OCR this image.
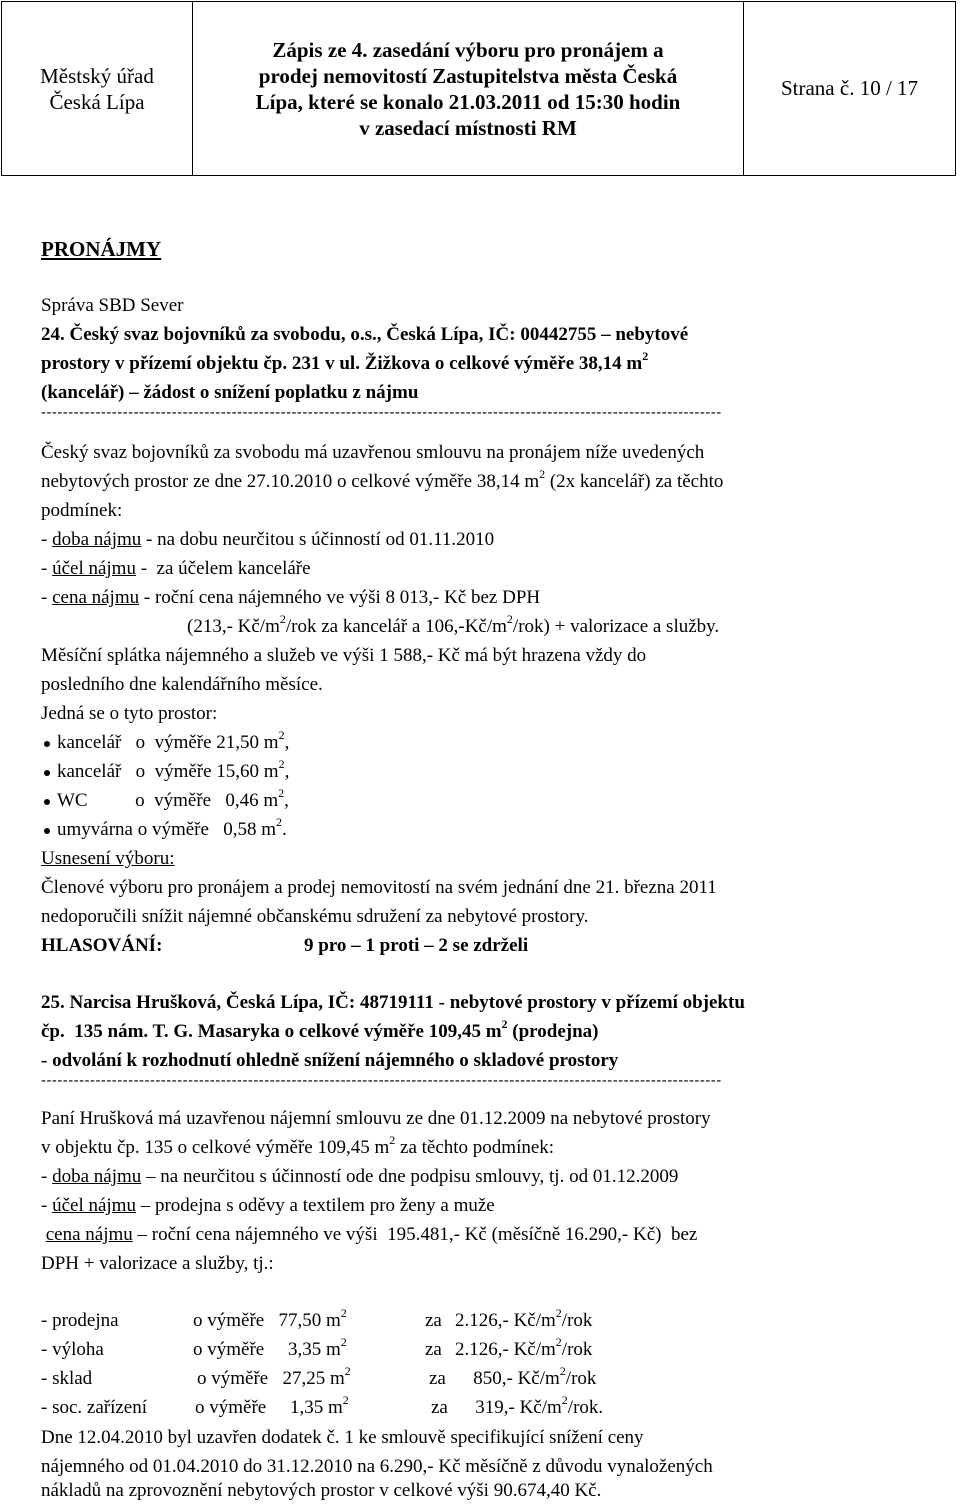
Městský úřad
Česká Lípa
Zápis ze 4. zasedání výboru pro pronájem a
prodej nemovitostí Zastupitelstva města Česká
Lípa, které se konalo 21.03.2011 od 15:30 hodin
v zasedací místnosti RM
Strana č. 10 / 17
PRONÁJMY
Správa SBD Sever
24. Český svaz bojovníků za svobodu, o.s., Česká Lípa, IČ: 00442755 – nebytové
prostory v přízemí objektu čp. 231 v ul. Žižkova o celkové výměře 38,14 $m^2$
(kancelář) – žádost o snížení poplatku z nájmu
-----------------------------------------------------------------------------------------------------------------------------
Český svaz bojovníků za svobodu má uzavřenou smlouvu na pronájem níže uvedených
nebytových prostor ze dne 27.10.2010 o celkové výměře 38,14 $m^2$ (2x kancelář) za těchto
podmínek:
- doba nájmu - na dobu neurčitou s účinností od 01.11.2010
- účel nájmu -  za účelem kanceláře
- cena nájmu - roční cena nájemného ve výši 8 013,- Kč bez DPH
(213,- $Kč/m^2$/rok za kancelář a $106,-Kč/m^2/rok$) + valorizace a služby.
Měsíční splátka nájemného a služeb ve výši 1 588,- Kč má být hrazena vždy do
posledního dne kalendářního měsíce.
Jedná se o tyto prostor:
kancelář   o  výměře 21,50 $m^2$,
kancelář   o  výměře 15,60 $m^2$,
WC          o  výměře   0,46 $m^2$,
umyvárna o výměře   0,58 $m^2$.
Usnesení výboru:
Členové výboru pro pronájem a prodej nemovitostí na svém jednání dne 21. března 2011
nedoporučili snížit nájemné občanskému sdružení za nebytové prostory.
HLASOVÁNÍ:	9 pro – 1 proti – 2 se zdrželi
25. Narcisa Hrušková, Česká Lípa, IČ: 48719111 - nebytové prostory v přízemí objektu
čp.  135 nám. T. G. Masaryka o celkové výměře 109,45 $m^2$ (prodejna)
- odvolání k rozhodnutí ohledně snížení nájemného o skladové prostory
-----------------------------------------------------------------------------------------------------------------------------
Paní Hrušková má uzavřenou nájemní smlouvu ze dne 01.12.2009 na nebytové prostory
v objektu čp. 135 o celkové výměře 109,45 $m^2$ za těchto podmínek:
- doba nájmu – na neurčitou s účinností ode dne podpisu smlouvy, tj. od 01.12.2009
- účel nájmu – prodejna s oděvy a textilem pro ženy a muže
cena nájmu – roční cena nájemného ve výši  195.481,- Kč (měsíčně 16.290,- Kč)  bez
DPH + valorizace a služby, tj.:
- prodejna	o výměře   77,50 $m^2$	za 2.126,- $Kč/m^2$/rok
- výloha	o výměře     3,35 $m^2$	za 2.126,- $Kč/m^2$/rok
- sklad	o výměře   27,25 $m^2$	za 850,- $Kč/m^2$/rok
- soc. zařízení	o výměře     1,35 $m^2$	za 319,- $Kč/m^2$/rok.
Dne 12.04.2010 byl uzavřen dodatek č. 1 ke smlouvě specifikující snížení ceny
nájemného od 01.04.2010 do 31.12.2010 na 6.290,- Kč měsíčně z důvodu vynaložených
nákladů na zprovoznění nebytových prostor v celkové výši 90.674,40 Kč.
